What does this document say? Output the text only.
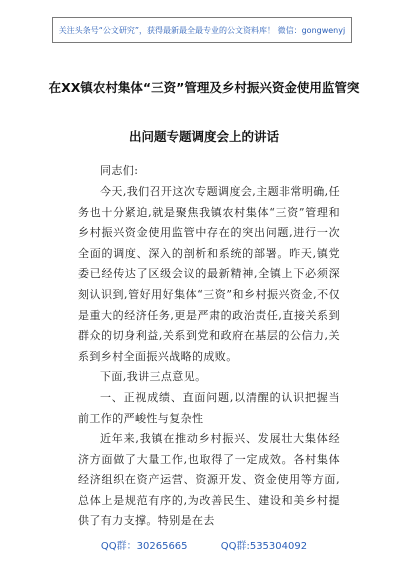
关注头条号“公文研究”，获得最新最全最专业的公文资料库！ 微信：gongwenyj
在XX镇农村集体“三资”管理及乡村振兴资金使用监管突
出问题专题调度会上的讲话

同志们:

今天,我们召开这次专题调度会,主题非常明确,任务也十分紧迫,就是聚焦我镇农村集体“三资”管理和乡村振兴资金使用监管中存在的突出问题,进行一次全面的调度、深入的剖析和系统的部署。昨天,镇党委已经传达了区级会议的最新精神,全镇上下必须深刻认识到,管好用好集体“三资”和乡村振兴资金,不仅是重大的经济任务,更是严肃的政治责任,直接关系到群众的切身利益,关系到党和政府在基层的公信力,关系到乡村全面振兴战略的成败。

下面,我讲三点意见。

一、正视成绩、直面问题,以清醒的认识把握当前工作的严峻性与复杂性

近年来,我镇在推动乡村振兴、发展壮大集体经济方面做了大量工作,也取得了一定成效。各村集体经济组织在资产运营、资源开发、资金使用等方面,总体上是规范有序的,为改善民生、建设和美乡村提供了有力支撑。特别是在去

QQ群：30265665	QQ群:535304092
